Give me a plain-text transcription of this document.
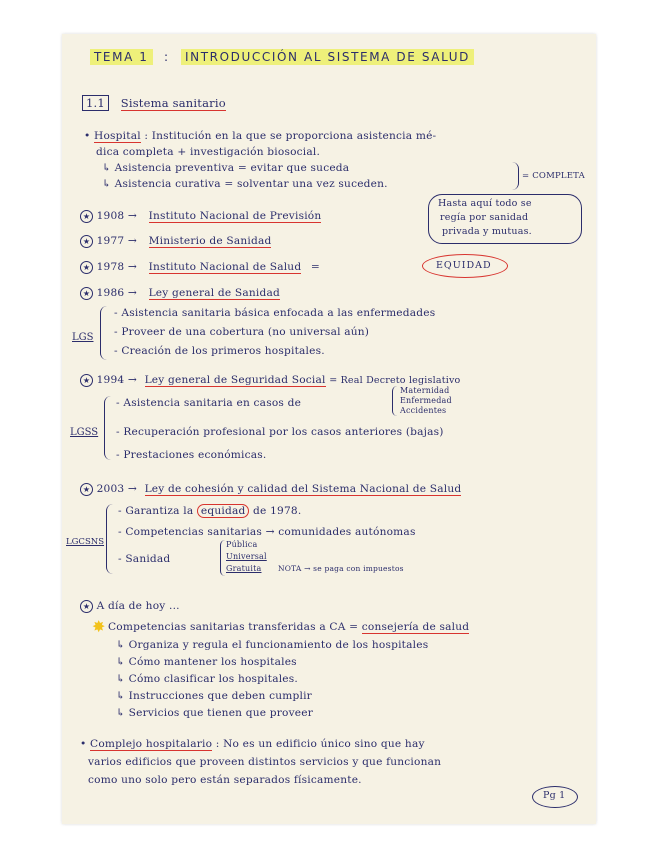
TEMA 1 : INTRODUCCIÓN AL SISTEMA DE SALUD
1.1 Sistema sanitario
• Hospital : Institución en la que se proporciona asistencia mé-
dica completa + investigación biosocial.
↳ Asistencia preventiva = evitar que suceda
↳ Asistencia curativa = solventar una vez suceden.
= COMPLETA
Hasta aquí todo se
regía por sanidad
privada y mutuas.
★ 1908 → Instituto Nacional de Previsión
★ 1977 → Ministerio de Sanidad
★ 1978 → Instituto Nacional de Salud =	EQUIDAD
★ 1986 → Ley general de Sanidad
LGS
- Asistencia sanitaria básica enfocada a las enfermedades
- Proveer de una cobertura (no universal aún)
- Creación de los primeros hospitales.
★ 1994 → Ley general de Seguridad Social = Real Decreto legislativo
LGSS
- Asistencia sanitaria en casos de
Maternidad
Enfermedad
Accidentes
- Recuperación profesional por los casos anteriores (bajas)
- Prestaciones económicas.
★ 2003 → Ley de cohesión y calidad del Sistema Nacional de Salud
LGCSNS
- Garantiza la equidad de 1978.
- Competencias sanitarias → comunidades autónomas
- Sanidad
Pública
Universal
Gratuita NOTA → se paga con impuestos
★ A día de hoy ...
✸ Competencias sanitarias transferidas a CA = consejería de salud
↳ Organiza y regula el funcionamiento de los hospitales
↳ Cómo mantener los hospitales
↳ Cómo clasificar los hospitales.
↳ Instrucciones que deben cumplir
↳ Servicios que tienen que proveer
• Complejo hospitalario : No es un edificio único sino que hay
varios edificios que proveen distintos servicios y que funcionan
como uno solo pero están separados físicamente.
Pg 1
